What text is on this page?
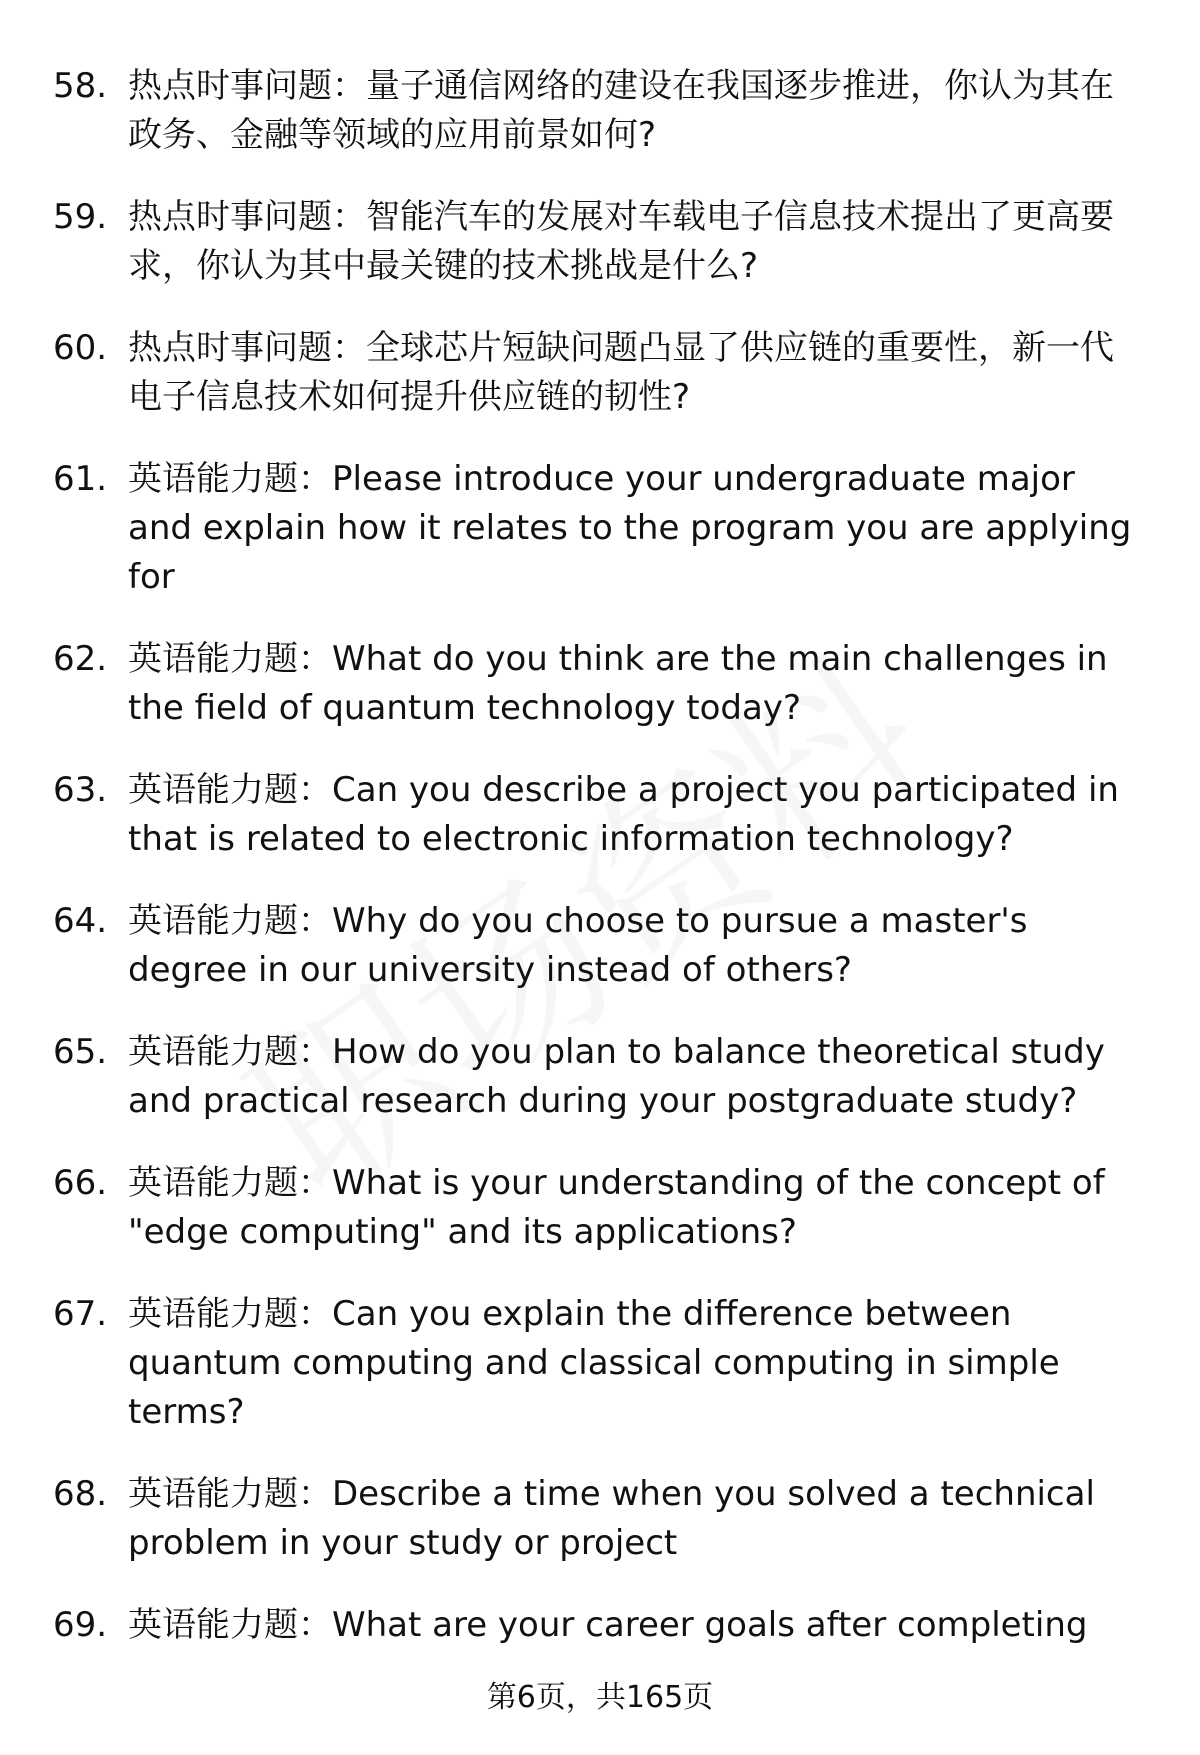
58. 热点时事问题：量子通信网络的建设在我国逐步推进，你认为其在政务、金融等领域的应用前景如何?
59. 热点时事问题：智能汽车的发展对车载电子信息技术提出了更高要求，你认为其中最关键的技术挑战是什么?
60. 热点时事问题：全球芯片短缺问题凸显了供应链的重要性，新一代电子信息技术如何提升供应链的韧性?
61. 英语能力题：Please introduce your undergraduate major and explain how it relates to the program you are applying for
62. 英语能力题：What do you think are the main challenges in the field of quantum technology today?
63. 英语能力题：Can you describe a project you participated in that is related to electronic information technology?
64. 英语能力题：Why do you choose to pursue a master's degree in our university instead of others?
65. 英语能力题：How do you plan to balance theoretical study and practical research during your postgraduate study?
66. 英语能力题：What is your understanding of the concept of "edge computing" and its applications?
67. 英语能力题：Can you explain the difference between quantum computing and classical computing in simple terms?
68. 英语能力题：Describe a time when you solved a technical problem in your study or project
69. 英语能力题：What are your career goals after completing
第6页，共165页
